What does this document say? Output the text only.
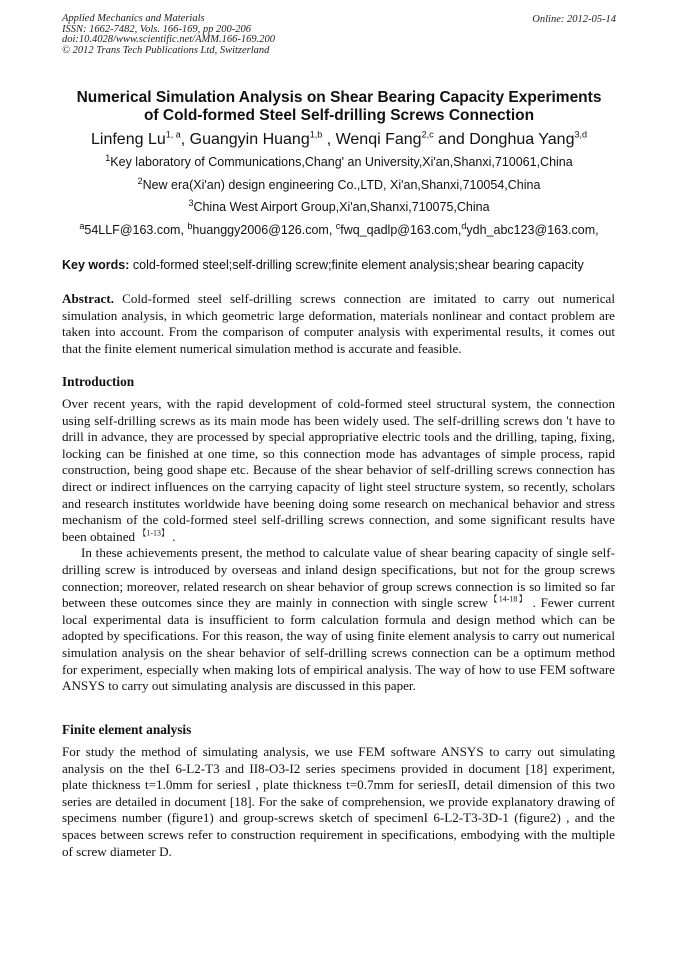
Applied Mechanics and Materials
ISSN: 1662-7482, Vols. 166-169, pp 200-206
doi:10.4028/www.scientific.net/AMM.166-169.200
© 2012 Trans Tech Publications Ltd, Switzerland
Online: 2012-05-14
Numerical Simulation Analysis on Shear Bearing Capacity Experiments
of Cold-formed Steel Self-drilling Screws Connection
Linfeng Lu$^{1, a}$, Guangyin Huang$^{1,b}$ , Wenqi Fang$^{2,c}$ and Donghua Yang$^{3,d}$
$^1$Key laboratory of Communications,Chang' an University,Xi'an,Shanxi,710061,China
$^2$New era(Xi'an) design engineering Co.,LTD, Xi'an,Shanxi,710054,China
$^3$China West Airport Group,Xi'an,Shanxi,710075,China
$^a$54LLF@163.com, $^b$huanggy2006@126.com, $^c$fwq_qadlp@163.com,$^d$ydh_abc123@163.com,
Key words: cold-formed steel;self-drilling screw;finite element analysis;shear bearing capacity
Abstract. Cold-formed steel self-drilling screws connection are imitated to carry out numerical simulation analysis, in which geometric large deformation, materials nonlinear and contact problem are taken into account. From the comparison of computer analysis with experimental results, it comes out that the finite element numerical simulation method is accurate and feasible.
Introduction
Over recent years, with the rapid development of cold-formed steel structural system, the connection using self-drilling screws as its main mode has been widely used. The self-drilling screws don 't have to drill in advance, they are processed by special appropriative electric tools and the drilling, taping, fixing, locking can be finished at one time, so this connection mode has advantages of simple process, rapid construction, being good shape etc. Because of the shear behavior of self-drilling screws connection has direct or indirect influences on the carrying capacity of light steel structure system, so recently, scholars and research institutes worldwide have beening doing some research on mechanical behavior and stress mechanism of the cold-formed steel self-drilling screws connection, and some significant results have been obtained $^{【1-13】}$ .
In these achievements present, the method to calculate value of shear bearing capacity of single self-drilling screw is introduced by overseas and inland design specifications, but not for the group screws connection; moreover, related research on shear behavior of group screws connection is so limited so far between these outcomes since they are mainly in connection with single screw$^{【14-18】}$ . Fewer current local experimental data is insufficient to form calculation formula and design method which can be adopted by specifications. For this reason, the way of using finite element analysis to carry out numerical simulation analysis on the shear behavior of self-drilling screws connection can be a optimum method for experiment, especially when making lots of empirical analysis. The way of how to use FEM software ANSYS to carry out simulating analysis are discussed in this paper.
Finite element analysis
For study the method of simulating analysis, we use FEM software ANSYS to carry out simulating analysis on the theI 6-L2-T3 and II8-O3-I2 series specimens provided in document [18] experiment, plate thickness t=1.0mm for seriesI , plate thickness t=0.7mm for seriesII, detail dimension of this two series are detailed in document [18]. For the sake of comprehension, we provide explanatory drawing of specimens number (figure1) and group-screws sketch of specimenI 6-L2-T3-3D-1 (figure2) , and the spaces between screws refer to construction requirement in specifications, embodying with the multiple of screw diameter D.
